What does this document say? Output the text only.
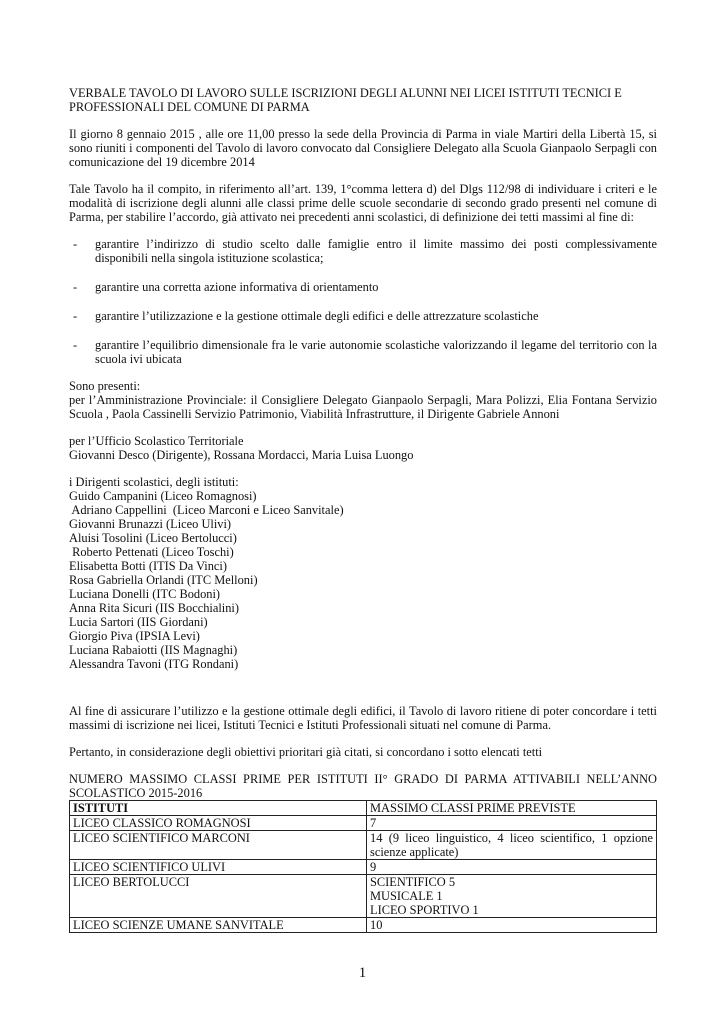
VERBALE TAVOLO DI LAVORO SULLE ISCRIZIONI DEGLI ALUNNI NEI LICEI ISTITUTI TECNICI E PROFESSIONALI DEL COMUNE DI PARMA

Il giorno 8 gennaio 2015 , alle ore 11,00 presso la sede della Provincia di Parma in viale Martiri della Libertà 15, si sono riuniti i componenti del Tavolo di lavoro convocato dal Consigliere Delegato alla Scuola Gianpaolo Serpagli con comunicazione del 19 dicembre 2014

Tale Tavolo ha il compito, in riferimento all’art. 139, 1°comma lettera d) del Dlgs 112/98 di individuare i criteri e le modalità di iscrizione degli alunni alle classi prime delle scuole secondarie di secondo grado presenti nel comune di Parma, per stabilire l’accordo, già attivato nei precedenti anni scolastici, di definizione dei tetti massimi al fine di:

- garantire l’indirizzo di studio scelto dalle famiglie entro il limite massimo dei posti complessivamente disponibili nella singola istituzione scolastica;
- garantire una corretta azione informativa di orientamento
- garantire l’utilizzazione e la gestione ottimale degli edifici e delle attrezzature scolastiche
- garantire l’equilibrio dimensionale fra le varie autonomie scolastiche valorizzando il legame del territorio con la scuola ivi ubicata

Sono presenti:

per l’Amministrazione Provinciale: il Consigliere Delegato Gianpaolo Serpagli, Mara Polizzi, Elia Fontana Servizio Scuola , Paola Cassinelli Servizio Patrimonio, Viabilità Infrastrutture, il Dirigente Gabriele Annoni

per l’Ufficio Scolastico Territoriale

Giovanni Desco (Dirigente), Rossana Mordacci, Maria Luisa Luongo

i Dirigenti scolastici, degli istituti:

Guido Campanini (Liceo Romagnosi)
Adriano Cappellini  (Liceo Marconi e Liceo Sanvitale)
Giovanni Brunazzi (Liceo Ulivi)
Aluisi Tosolini (Liceo Bertolucci)
Roberto Pettenati (Liceo Toschi)
Elisabetta Botti (ITIS Da Vinci)
Rosa Gabriella Orlandi (ITC Melloni)
Luciana Donelli (ITC Bodoni)
Anna Rita Sicuri (IIS Bocchialini)
Lucia Sartori (IIS Giordani)
Giorgio Piva (IPSIA Levi)
Luciana Rabaiotti (IIS Magnaghi)
Alessandra Tavoni (ITG Rondani)

Al fine di assicurare l’utilizzo e la gestione ottimale degli edifici, il Tavolo di lavoro ritiene di poter concordare i tetti massimi di iscrizione nei licei, Istituti Tecnici e Istituti Professionali situati nel comune di Parma.

Pertanto, in considerazione degli obiettivi prioritari già citati, si concordano i sotto elencati tetti

NUMERO MASSIMO CLASSI PRIME PER ISTITUTI II° GRADO DI PARMA ATTIVABILI NELL’ANNO SCOLASTICO 2015-2016

ISTITUTI	MASSIMO CLASSI PRIME PREVISTE
LICEO CLASSICO ROMAGNOSI	7
LICEO SCIENTIFICO MARCONI	14 (9 liceo linguistico, 4 liceo scientifico, 1 opzione scienze applicate)
LICEO SCIENTIFICO ULIVI	9
LICEO BERTOLUCCI	SCIENTIFICO 5
MUSICALE 1
LICEO SPORTIVO 1
LICEO SCIENZE UMANE SANVITALE	10
1
